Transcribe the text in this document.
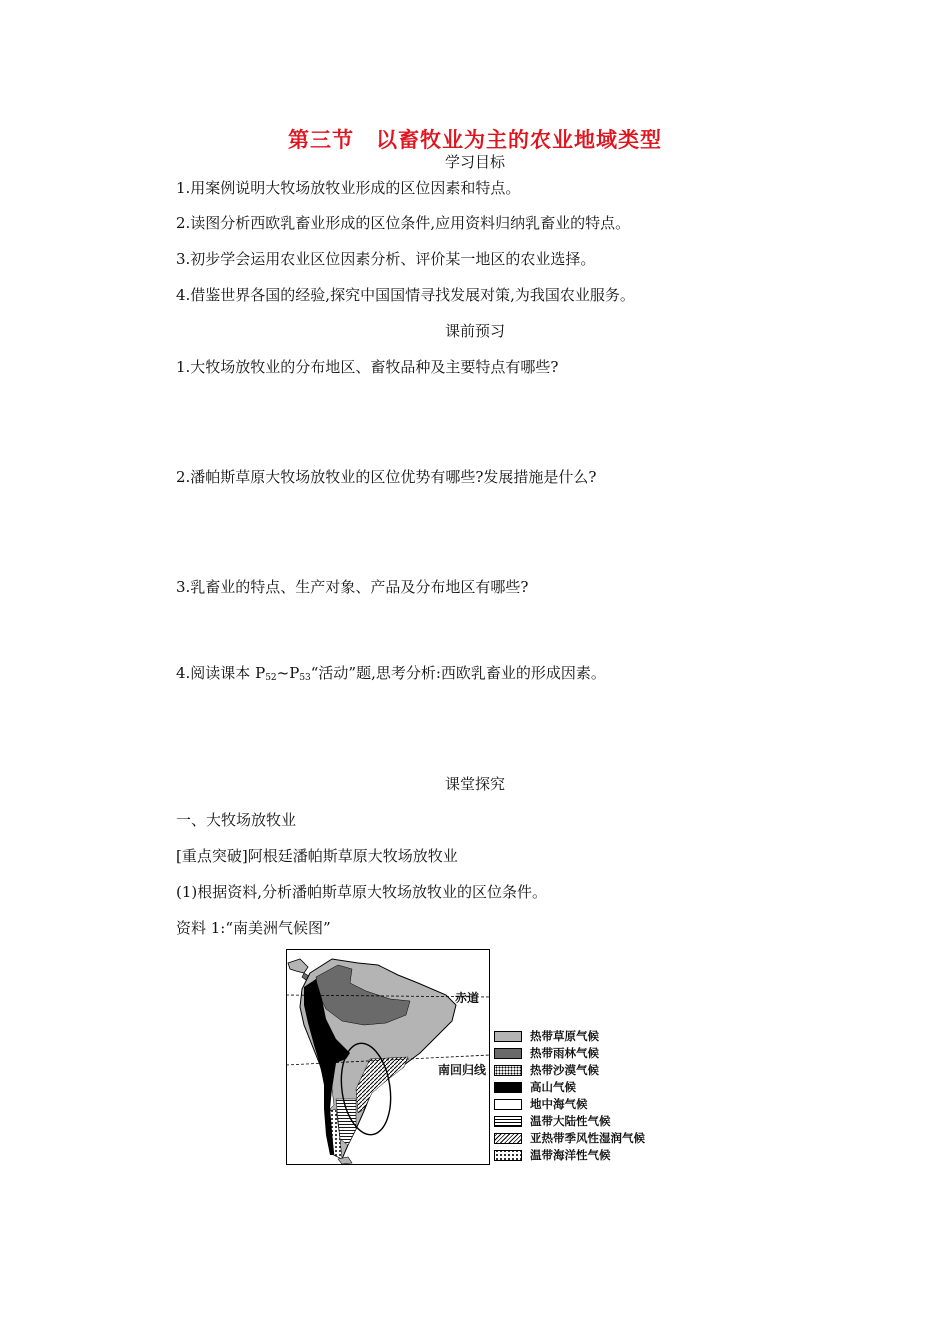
第三节　以畜牧业为主的农业地域类型
学习目标
1.用案例说明大牧场放牧业形成的区位因素和特点。
2.读图分析西欧乳畜业形成的区位条件,应用资料归纳乳畜业的特点。
3.初步学会运用农业区位因素分析、评价某一地区的农业选择。
4.借鉴世界各国的经验,探究中国国情寻找发展对策,为我国农业服务。
课前预习
1.大牧场放牧业的分布地区、畜牧品种及主要特点有哪些?
2.潘帕斯草原大牧场放牧业的区位优势有哪些?发展措施是什么?
3.乳畜业的特点、生产对象、产品及分布地区有哪些?
4.阅读课本 $P_{52}\sim P_{53}“$活动”题,思考分析:西欧乳畜业的形成因素。
课堂探究
一、大牧场放牧业
[重点突破]阿根廷潘帕斯草原大牧场放牧业
(1)根据资料,分析潘帕斯草原大牧场放牧业的区位条件。
资料 1:“南美洲气候图”
赤道
南回归线
热带草原气候
热带雨林气候
热带沙漠气候
高山气候
地中海气候
温带大陆性气候
亚热带季风性湿润气候
温带海洋性气候
